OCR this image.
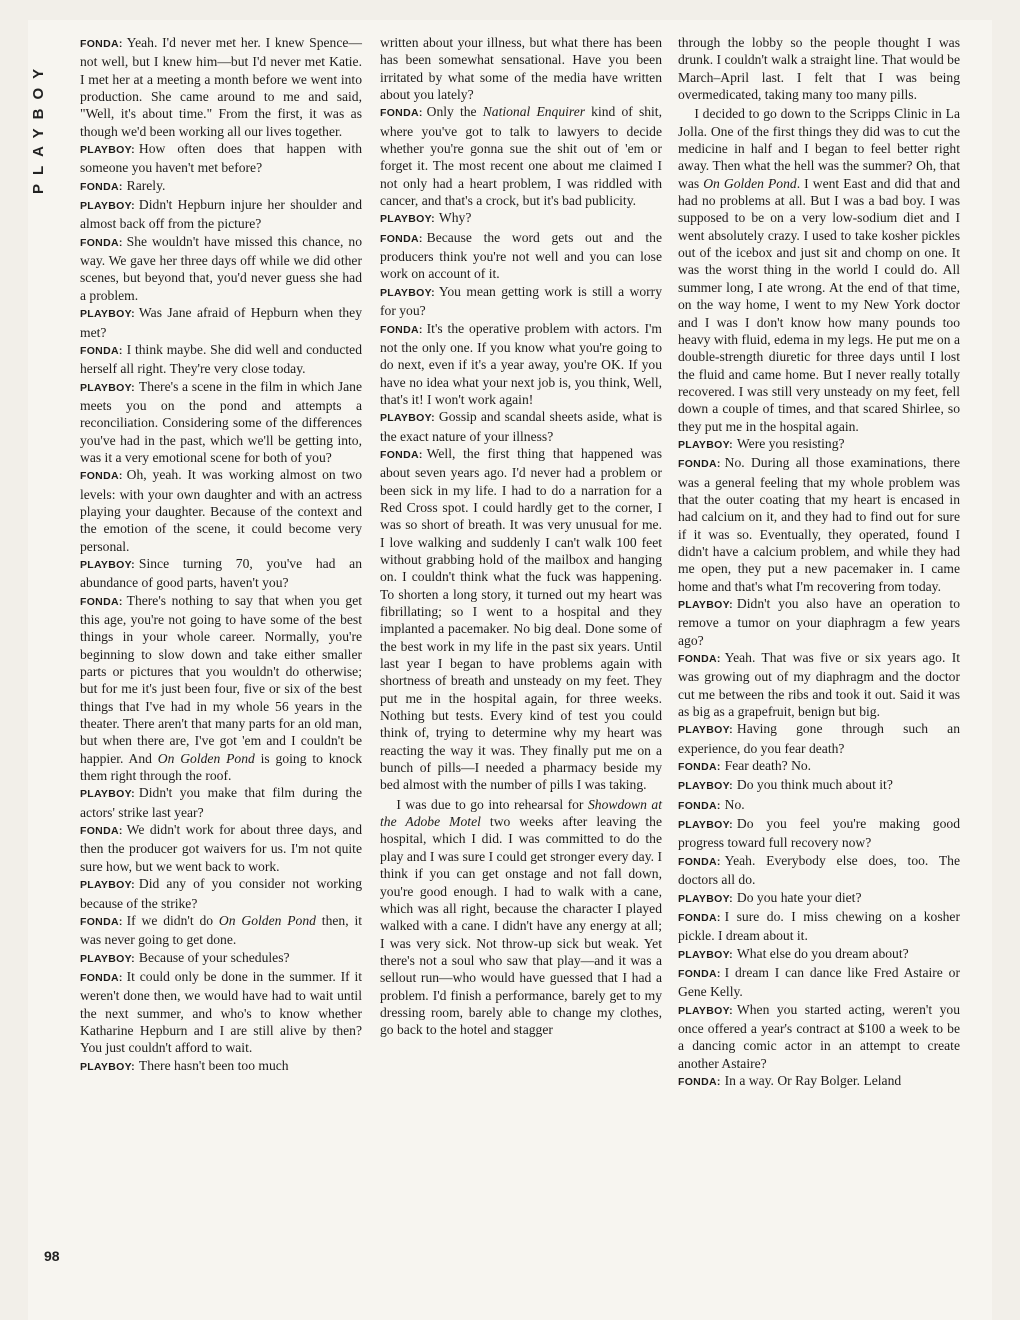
PLAYBOY
98

FONDA: Yeah. I'd never met her. I knew Spence—not well, but I knew him—but I'd never met Katie. I met her at a meeting a month before we went into production. She came around to me and said, "Well, it's about time." From the first, it was as though we'd been working all our lives together.

PLAYBOY: How often does that happen with someone you haven't met before?

FONDA: Rarely.

PLAYBOY: Didn't Hepburn injure her shoulder and almost back off from the picture?

FONDA: She wouldn't have missed this chance, no way. We gave her three days off while we did other scenes, but beyond that, you'd never guess she had a problem.

PLAYBOY: Was Jane afraid of Hepburn when they met?

FONDA: I think maybe. She did well and conducted herself all right. They're very close today.

PLAYBOY: There's a scene in the film in which Jane meets you on the pond and attempts a reconciliation. Considering some of the differences you've had in the past, which we'll be getting into, was it a very emotional scene for both of you?

FONDA: Oh, yeah. It was working almost on two levels: with your own daughter and with an actress playing your daughter. Because of the context and the emotion of the scene, it could become very personal.

PLAYBOY: Since turning 70, you've had an abundance of good parts, haven't you?

FONDA: There's nothing to say that when you get this age, you're not going to have some of the best things in your whole career. Normally, you're beginning to slow down and take either smaller parts or pictures that you wouldn't do otherwise; but for me it's just been four, five or six of the best things that I've had in my whole 56 years in the theater. There aren't that many parts for an old man, but when there are, I've got 'em and I couldn't be happier. And On Golden Pond is going to knock them right through the roof.

PLAYBOY: Didn't you make that film during the actors' strike last year?

FONDA: We didn't work for about three days, and then the producer got waivers for us. I'm not quite sure how, but we went back to work.

PLAYBOY: Did any of you consider not working because of the strike?

FONDA: If we didn't do On Golden Pond then, it was never going to get done.

PLAYBOY: Because of your schedules?

FONDA: It could only be done in the summer. If it weren't done then, we would have had to wait until the next summer, and who's to know whether Katharine Hepburn and I are still alive by then? You just couldn't afford to wait.

PLAYBOY: There hasn't been too much

written about your illness, but what there has been has been somewhat sensational. Have you been irritated by what some of the media have written about you lately?

FONDA: Only the National Enquirer kind of shit, where you've got to talk to lawyers to decide whether you're gonna sue the shit out of 'em or forget it. The most recent one about me claimed I not only had a heart problem, I was riddled with cancer, and that's a crock, but it's bad publicity.

PLAYBOY: Why?

FONDA: Because the word gets out and the producers think you're not well and you can lose work on account of it.

PLAYBOY: You mean getting work is still a worry for you?

FONDA: It's the operative problem with actors. I'm not the only one. If you know what you're going to do next, even if it's a year away, you're OK. If you have no idea what your next job is, you think, Well, that's it! I won't work again!

PLAYBOY: Gossip and scandal sheets aside, what is the exact nature of your illness?

FONDA: Well, the first thing that happened was about seven years ago. I'd never had a problem or been sick in my life. I had to do a narration for a Red Cross spot. I could hardly get to the corner, I was so short of breath. It was very unusual for me. I love walking and suddenly I can't walk 100 feet without grabbing hold of the mailbox and hanging on. I couldn't think what the fuck was happening. To shorten a long story, it turned out my heart was fibrillating; so I went to a hospital and they implanted a pacemaker. No big deal. Done some of the best work in my life in the past six years. Until last year I began to have problems again with shortness of breath and unsteady on my feet. They put me in the hospital again, for three weeks. Nothing but tests. Every kind of test you could think of, trying to determine why my heart was reacting the way it was. They finally put me on a bunch of pills—I needed a pharmacy beside my bed almost with the number of pills I was taking.

I was due to go into rehearsal for Showdown at the Adobe Motel two weeks after leaving the hospital, which I did. I was committed to do the play and I was sure I could get stronger every day. I think if you can get onstage and not fall down, you're good enough. I had to walk with a cane, which was all right, because the character I played walked with a cane. I didn't have any energy at all; I was very sick. Not throw-up sick but weak. Yet there's not a soul who saw that play—and it was a sellout run—who would have guessed that I had a problem. I'd finish a performance, barely get to my dressing room, barely able to change my clothes, go back to the hotel and stagger

through the lobby so the people thought I was drunk. I couldn't walk a straight line. That would be March–April last. I felt that I was being overmedicated, taking many too many pills.

I decided to go down to the Scripps Clinic in La Jolla. One of the first things they did was to cut the medicine in half and I began to feel better right away. Then what the hell was the summer? Oh, that was On Golden Pond. I went East and did that and had no problems at all. But I was a bad boy. I was supposed to be on a very low-sodium diet and I went absolutely crazy. I used to take kosher pickles out of the icebox and just sit and chomp on one. It was the worst thing in the world I could do. All summer long, I ate wrong. At the end of that time, on the way home, I went to my New York doctor and I was I don't know how many pounds too heavy with fluid, edema in my legs. He put me on a double-strength diuretic for three days until I lost the fluid and came home. But I never really totally recovered. I was still very unsteady on my feet, fell down a couple of times, and that scared Shirlee, so they put me in the hospital again.

PLAYBOY: Were you resisting?

FONDA: No. During all those examinations, there was a general feeling that my whole problem was that the outer coating that my heart is encased in had calcium on it, and they had to find out for sure if it was so. Eventually, they operated, found I didn't have a calcium problem, and while they had me open, they put a new pacemaker in. I came home and that's what I'm recovering from today.

PLAYBOY: Didn't you also have an operation to remove a tumor on your diaphragm a few years ago?

FONDA: Yeah. That was five or six years ago. It was growing out of my diaphragm and the doctor cut me between the ribs and took it out. Said it was as big as a grapefruit, benign but big.

PLAYBOY: Having gone through such an experience, do you fear death?

FONDA: Fear death? No.

PLAYBOY: Do you think much about it?

FONDA: No.

PLAYBOY: Do you feel you're making good progress toward full recovery now?

FONDA: Yeah. Everybody else does, too. The doctors all do.

PLAYBOY: Do you hate your diet?

FONDA: I sure do. I miss chewing on a kosher pickle. I dream about it.

PLAYBOY: What else do you dream about?

FONDA: I dream I can dance like Fred Astaire or Gene Kelly.

PLAYBOY: When you started acting, weren't you once offered a year's contract at $100 a week to be a dancing comic actor in an attempt to create another Astaire?

FONDA: In a way. Or Ray Bolger. Leland
